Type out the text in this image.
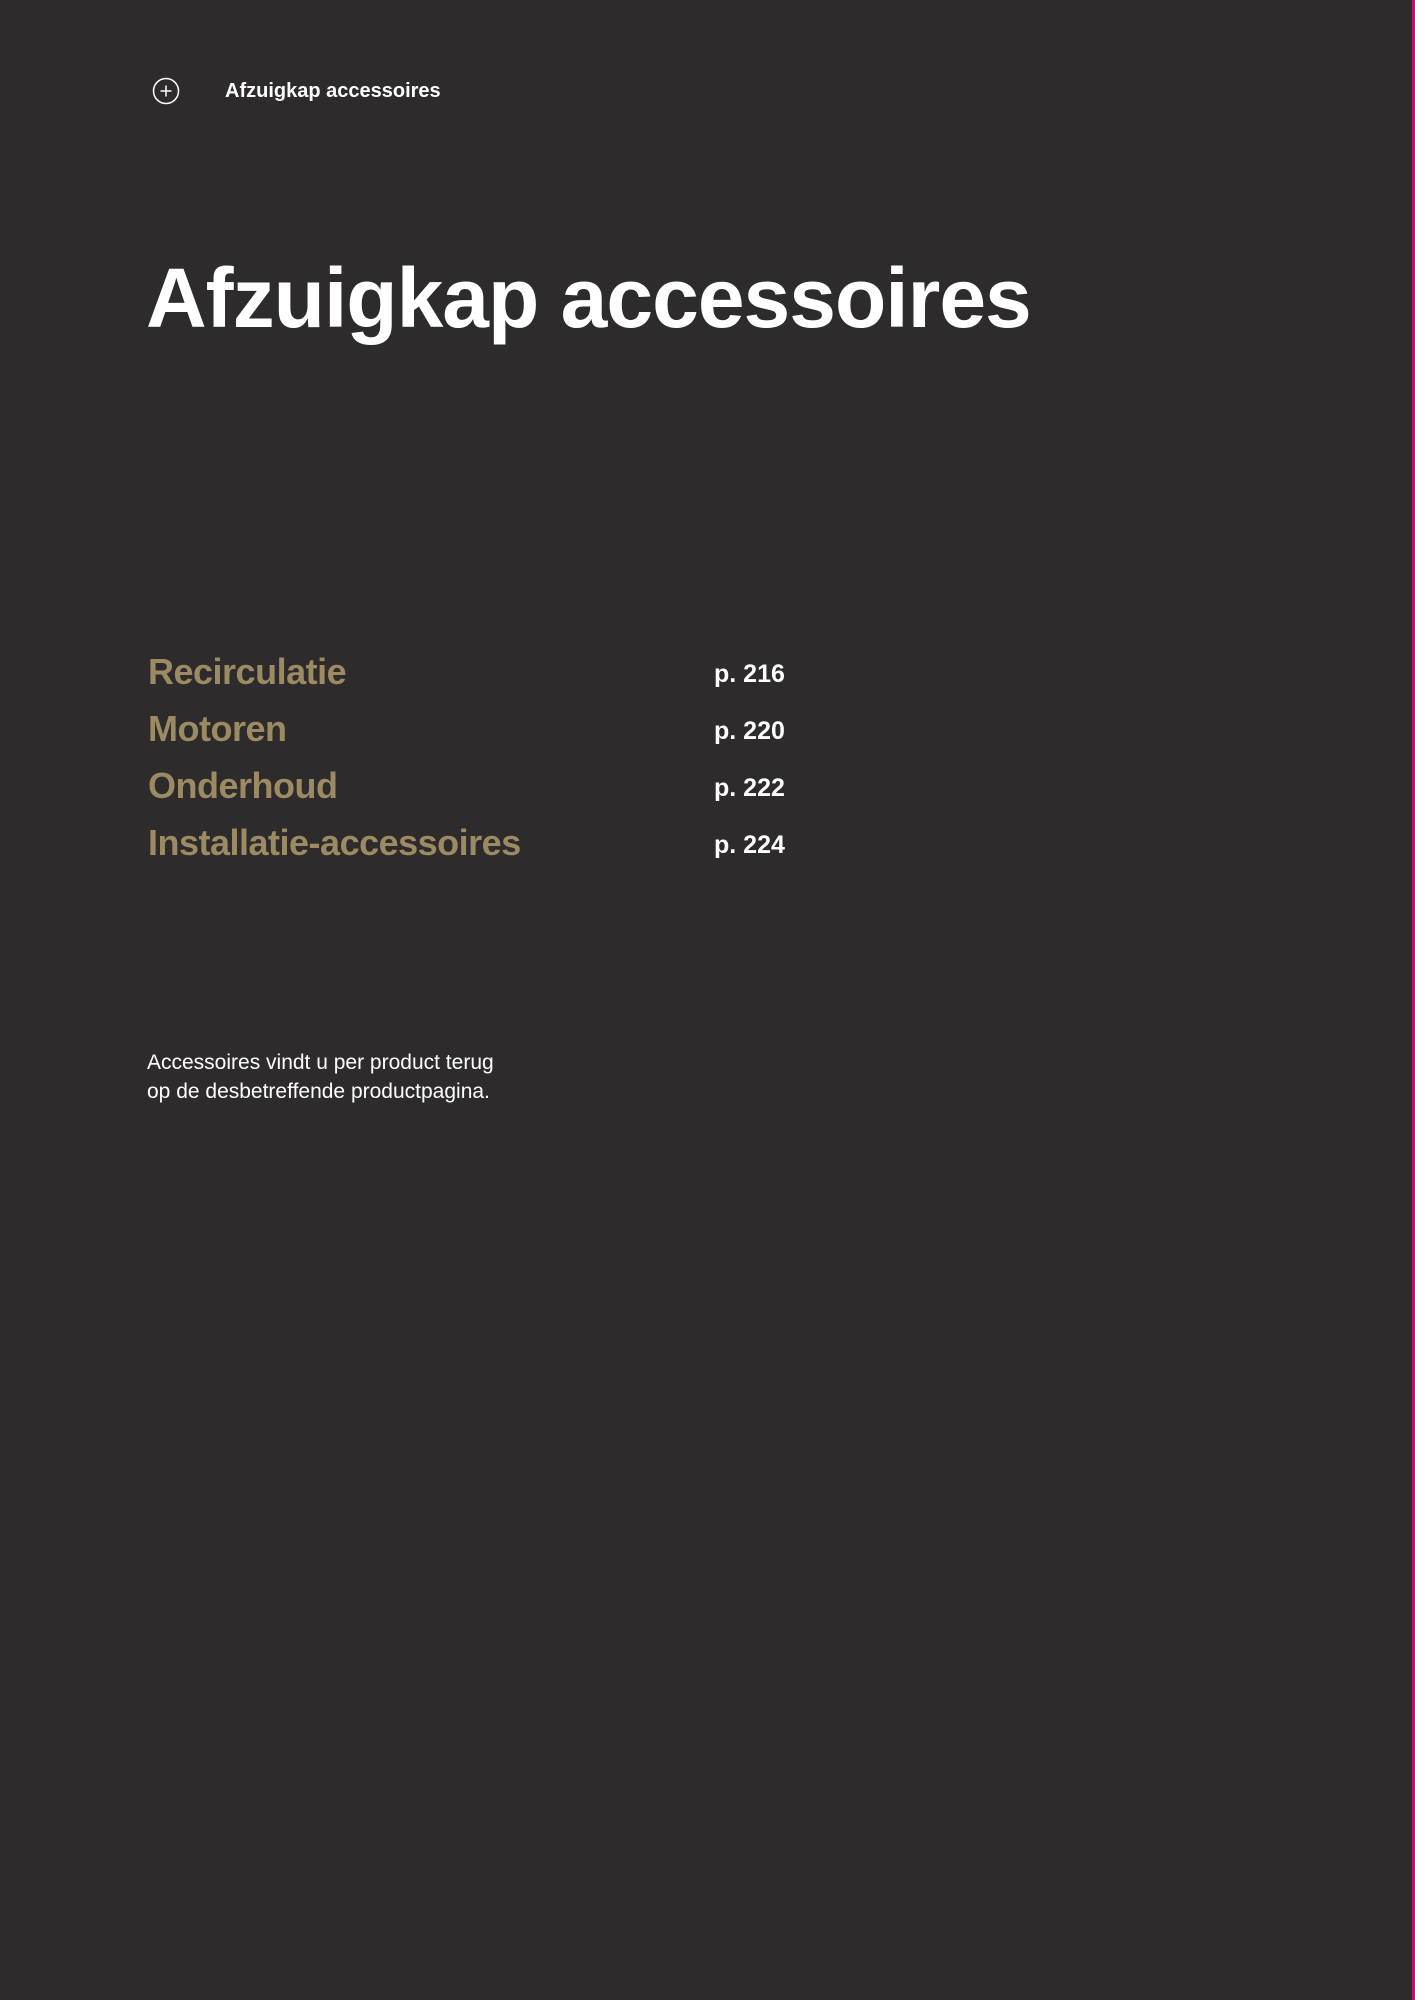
Afzuigkap accessoires
Afzuigkap accessoires
Recirculatie	p. 216
Motoren	p. 220
Onderhoud	p. 222
Installatie-accessoires	p. 224
Accessoires vindt u per product terug
op de desbetreffende productpagina.
